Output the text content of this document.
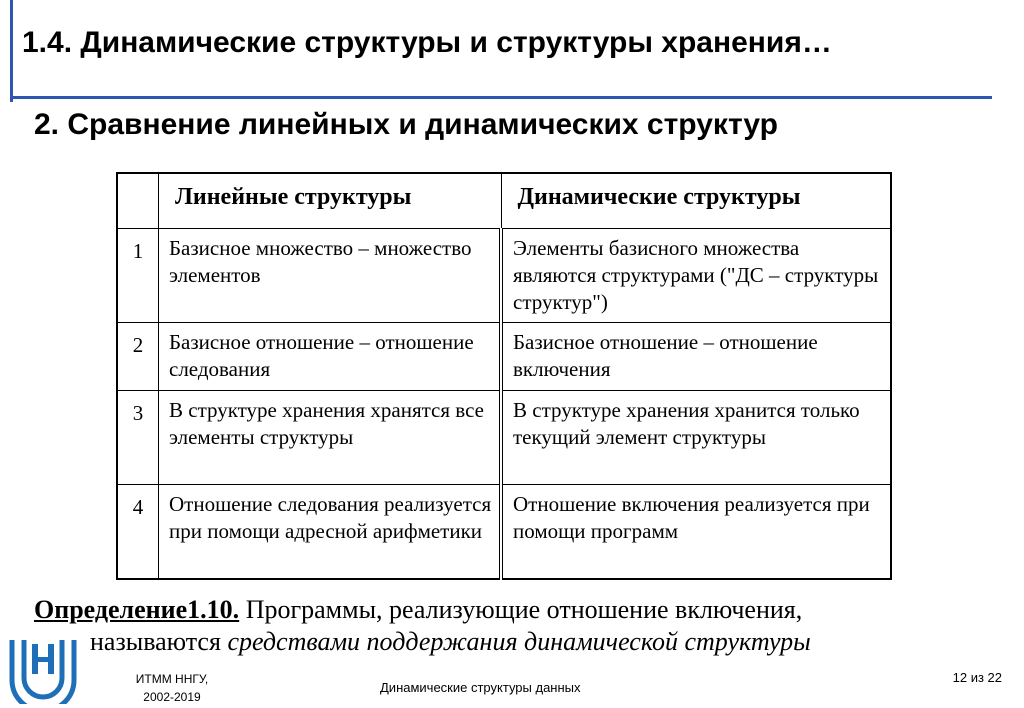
1.4. Динамические структуры и структуры хранения…
2. Сравнение линейных и динамических структур
	Линейные структуры	Динамические структуры
1	Базисное множество – множество элементов	Элементы базисного множества являются структурами ("ДС – структуры структур")
2	Базисное отношение – отношение следования	Базисное отношение – отношение включения
3	В структуре хранения хранятся все элементы структуры	В структуре хранения хранится только текущий элемент структуры
4	Отношение следования реализуется при помощи адресной арифметики	Отношение включения реализуется при помощи программ
Определение1.10. Программы, реализующие отношение включения,
называются средствами поддержания динамической структуры
ИТММ ННГУ,
2002-2019
Динамические структуры данных
12 из 22
